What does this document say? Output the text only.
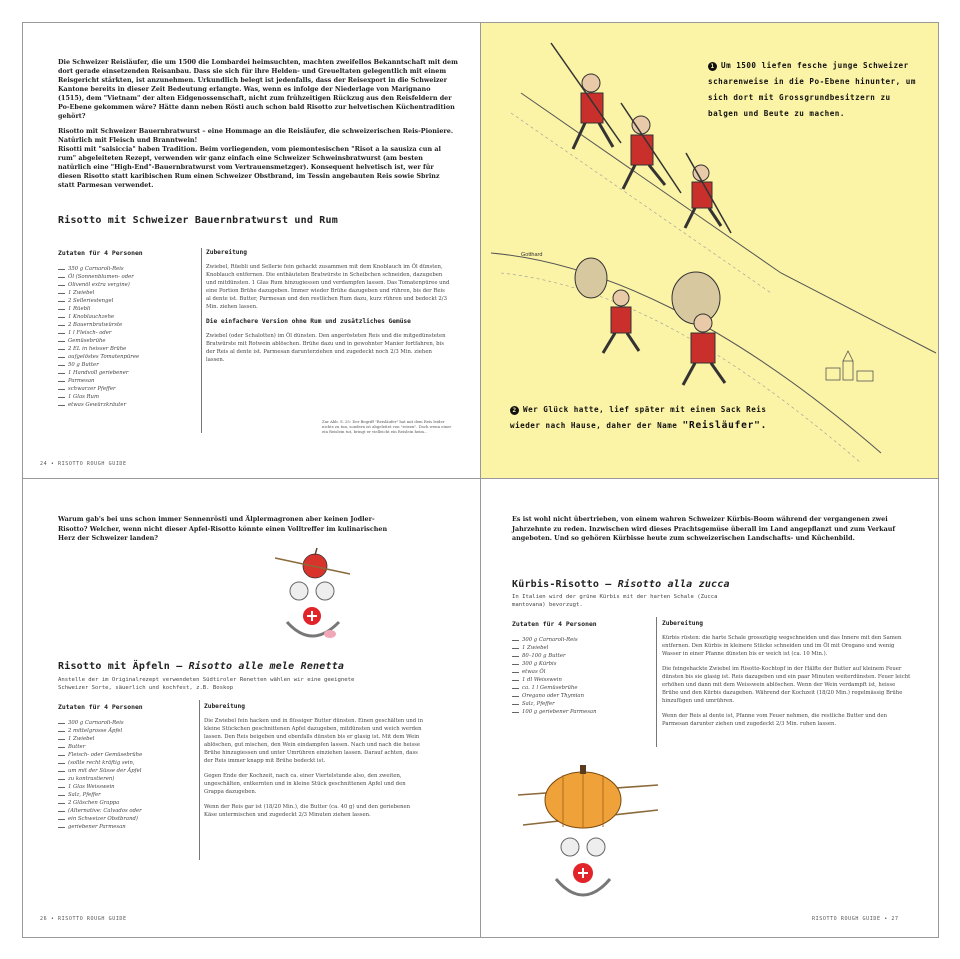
Die Schweizer Reisläufer, die um 1500 die Lombardei heimsuchten, machten zweifellos Bekanntschaft mit dem dort gerade einsetzenden Reisanbau. Dass sie sich für ihre Helden- und Greueltaten gelegentlich mit einem Reisgericht stärkten, ist anzunehmen. Urkundlich belegt ist jedenfalls, dass der Reisexport in die Schweizer Kantone bereits in dieser Zeit Bedeutung erlangte. Was, wenn es infolge der Niederlage von Marignano (1515), dem "Vietnam" der alten Eidgenossenschaft, nicht zum frühzeitigen Rückzug aus den Reisfeldern der Po-Ebene gekommen wäre? Hätte dann neben Rösti auch schon bald Risotto zur helvetischen Küchentradition gehört?

Risotto mit Schweizer Bauernbratwurst – eine Hommage an die Reisläufer, die schweizerischen Reis-Pioniere. Natürlich mit Fleisch und Branntwein!

Risotti mit "salsiccia" haben Tradition. Beim vorliegenden, vom piemontesischen "Risot a la sausiza cun al rum" abgeleiteten Rezept, verwenden wir ganz einfach eine Schweizer Schweinsbratwurst (am besten natürlich eine "High-End"-Bauernbratwurst vom Vertrauensmetzger). Konsequent helvetisch ist, wer für diesen Risotto statt karibischen Rum einen Schweizer Obstbrand, im Tessin angebauten Reis sowie Sbrinz statt Parmesan verwendet.

Risotto mit Schweizer Bauernbratwurst und Rum
Zutaten für 4 Personen
350 g Carnaroli-Reis
Öl (Sonnenblumen- oder
Olivenöl extra vergine)
1 Zwiebel
2 Selleriestengel
1 Rüebli
1 Knoblauchzehe
2 Bauernbratwürste
1 l Fleisch- oder
Gemüsebrühe
2 EL in heisser Brühe
aufgelöstes Tomatenpüree
50 g Butter
1 Handvoll geriebener
Parmesan
schwarzer Pfeffer
1 Glas Rum
etwas Gewürzkräuter
Zubereitung

Zwiebel, Rüebli und Sellerie fein gehackt zusammen mit dem Knoblauch im Öl dünsten, Knoblauch entfernen. Die enthäuteten Bratwürste in Scheibchen schneiden, dazugeben und mitdünsten. 1 Glas Rum hinzugiessen und verdampfen lassen. Das Tomatenpüree und eine Portion Brühe dazugeben. Immer wieder Brühe dazugeben und rühren, bis der Reis al dente ist. Butter, Parmesan und den restlichen Rum dazu, kurz rühren und bedeckt 2/3 Min. ziehen lassen.

Die einfachere Version ohne Rum und zusätzliches Gemüse

Zwiebel (oder Schalotten) im Öl dünsten. Den angerösteten Reis und die mitgedünsteten Bratwürste mit Rotwein ablöschen. Brühe dazu und in gewohnter Manier fortfahren, bis der Reis al dente ist. Parmesan darunterziehen und zugedeckt noch 2/3 Min. ziehen lassen.

Zur Abb. S. 25: Der Begriff "Reisläufer" hat mit dem Reis leider nichts zu tun, sondern ist abgeleitet von "reisen". Doch wenn einer ein Reislein tut, bringt er vielleicht ein Reislein heim...
24 • RISOTTO ROUGH GUIDE
Gotthard
1 Um 1500 liefen fesche junge Schweizer scharenweise in die Po-Ebene hinunter, um sich dort mit Grossgrundbesitzern zu balgen und Beute zu machen.
2 Wer Glück hatte, lief später mit einem Sack Reis wieder nach Hause, daher der Name "Reisläufer".
Warum gab's bei uns schon immer Sennenrösti und Älplermagronen aber keinen Jodler-Risotto? Welcher, wenn nicht dieser Apfel-Risotto könnte einen Volltreffer im kulinarischen Herz der Schweizer landen?
Risotto mit Äpfeln – Risotto alle mele Renetta
Anstelle der im Originalrezept verwendeten Südtiroler Renetten wählen wir eine geeignete Schweizer Sorte, säuerlich und kochfest, z.B. Boskop
Zutaten für 4 Personen
300 g Carnaroli-Reis
2 mittelgrosse Äpfel
1 Zwiebel
Butter
Fleisch- oder Gemüsebrühe
(sollte recht kräftig sein,
um mit der Süsse der Äpfel
zu kontrastieren)
1 Glas Weisswein
Salz, Pfeffer
2 Gläschen Grappa
(Alternative: Calvados oder
ein Schweizer Obstbrand)
geriebener Parmesan
Zubereitung

Die Zwiebel fein hacken und in flüssiger Butter dünsten. Einen geschälten und in kleine Stückchen geschnittenen Apfel dazugeben, mitdünsten und weich werden lassen. Den Reis beigeben und ebenfalls dünsten bis er glasig ist. Mit dem Wein ablöschen, gut mischen, den Wein eindampfen lassen. Nach und nach die heisse Brühe hinzugiessen und unter Umrühren einziehen lassen. Darauf achten, dass der Reis immer knapp mit Brühe bedeckt ist.

Gegen Ende der Kochzeit, nach ca. einer Viertelstunde also, den zweiten, ungeschälten, entkernten und in kleine Stück geschnittenen Apfel und den Grappa dazugeben.

Wenn der Reis gar ist (18/20 Min.), die Butter (ca. 40 g) und den geriebenen Käse untermischen und zugedeckt 2/3 Minuten ziehen lassen.

26 • RISOTTO ROUGH GUIDE
Es ist wohl nicht übertrieben, von einem wahren Schweizer Kürbis-Boom während der vergangenen zwei Jahrzehnte zu reden. Inzwischen wird dieses Prachtsgemüse überall im Land angepflanzt und zum Verkauf angeboten. Und so gehören Kürbisse heute zum schweizerischen Landschafts- und Küchenbild.
Kürbis-Risotto – Risotto alla zucca
In Italien wird der grüne Kürbis mit der harten Schale (Zucca mantovana) bevorzugt.
Zutaten für 4 Personen
300 g Carnaroli-Reis
1 Zwiebel
80–100 g Butter
300 g Kürbis
etwas Öl
1 dl Weisswein
ca. 1 l Gemüsebrühe
Oregano oder Thymian
Salz, Pfeffer
100 g geriebener Parmesan
Zubereitung

Kürbis rüsten: die harte Schale grosszügig wegschneiden und das Innere mit den Samen entfernen. Den Kürbis in kleinere Stücke schneiden und im Öl mit Oregano und wenig Wasser in einer Pfanne dünsten bis er weich ist (ca. 10 Min.).

Die feingehackte Zwiebel im Risotto-Kochtopf in der Hälfte der Butter auf kleinem Feuer dünsten bis sie glasig ist. Reis dazugeben und ein paar Minuten weiterdünsten. Feuer leicht erhöhen und dann mit dem Weisswein ablöschen. Wenn der Wein verdampft ist, heisse Brühe und den Kürbis dazugeben. Während der Kochzeit (18/20 Min.) regelmässig Brühe hinzufügen und umrühren.

Wenn der Reis al dente ist, Pfanne vom Feuer nehmen, die restliche Butter und den Parmesan darunter ziehen und zugedeckt 2/3 Min. ruhen lassen.

RISOTTO ROUGH GUIDE • 27
